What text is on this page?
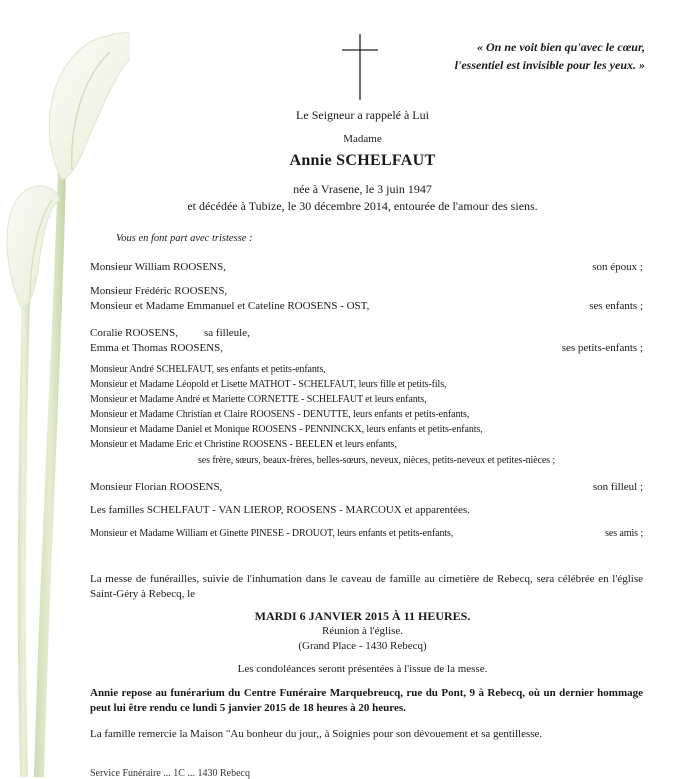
« On ne voit bien qu'avec le cœur,
l'essentiel est invisible pour les yeux. »
Le Seigneur a rappelé à Lui
Madame
Annie SCHELFAUT
née à Vrasene, le 3 juin 1947
et décédée à Tubize, le 30 décembre 2014, entourée de l'amour des siens.
Vous en font part avec tristesse :
Monsieur William ROOSENS,	son époux ;
Monsieur Frédéric ROOSENS,
Monsieur et Madame Emmanuel et Cateline ROOSENS - OST,	ses enfants ;
Coralie ROOSENS, sa filleule,
Emma et Thomas ROOSENS,	ses petits-enfants ;
Monsieur André SCHELFAUT, ses enfants et petits-enfants,
Monsieur et Madame Léopold et Lisette MATHOT - SCHELFAUT, leurs fille et petits-fils,
Monsieur et Madame André et Mariette CORNETTE - SCHELFAUT et leurs enfants,
Monsieur et Madame Christian et Claire ROOSENS - DENUTTE, leurs enfants et petits-enfants,
Monsieur et Madame Daniel et Monique ROOSENS - PENNINCKX, leurs enfants et petits-enfants,
Monsieur et Madame Eric et Christine ROOSENS - BEELEN et leurs enfants,
ses frère, sœurs, beaux-frères, belles-sœurs, neveux, nièces, petits-neveux et petites-nièces ;
Monsieur Florian ROOSENS,	son filleul ;
Les familles SCHELFAUT - VAN LIEROP, ROOSENS - MARCOUX et apparentées.
Monsieur et Madame William et Ginette PINESE - DROUOT, leurs enfants et petits-enfants,	ses amis ;
La messe de funérailles, suivie de l'inhumation dans le caveau de famille au cimetière de Rebecq, sera célébrée en l'église Saint-Géry à Rebecq, le
MARDI 6 JANVIER 2015 À 11 HEURES.
Réunion à l'église.
(Grand Place - 1430 Rebecq)
Les condoléances seront présentées à l'issue de la messe.
Annie repose au funérarium du Centre Funéraire Marquebreucq, rue du Pont, 9 à Rebecq, où un dernier hommage peut lui être rendu ce lundi 5 janvier 2015 de 18 heures à 20 heures.
La famille remercie la Maison "Au bonheur du jour,, à Soignies pour son dévouement et sa gentillesse.
Service Funéraire ... 1C ... 1430 Rebecq
